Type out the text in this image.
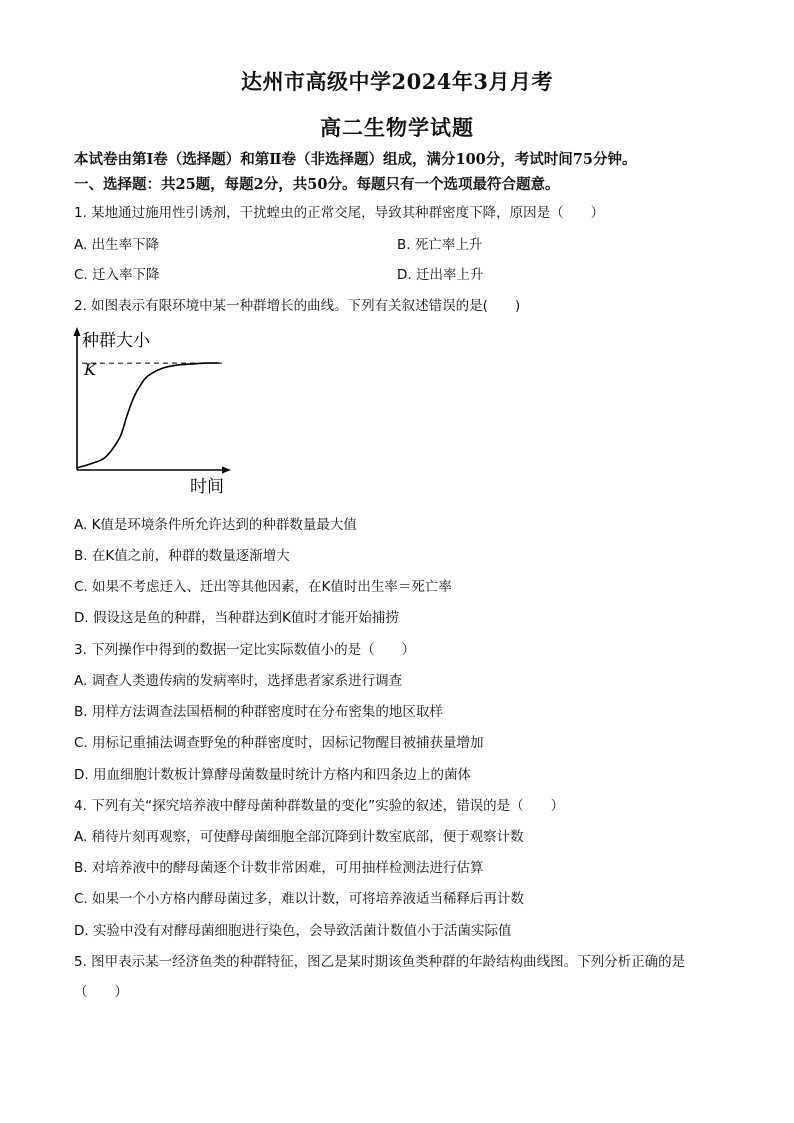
达州市高级中学2024年3月月考
高二生物学试题
本试卷由第Ⅰ卷（选择题）和第Ⅱ卷（非选择题）组成，满分100分，考试时间75分钟。
一、选择题：共25题，每题2分，共50分。每题只有一个选项最符合题意。
1. 某地通过施用性引诱剂，干扰蝗虫的正常交尾，导致其种群密度下降，原因是（　　）
A. 出生率下降	B. 死亡率上升
C. 迁入率下降	D. 迁出率上升
2. 如图表示有限环境中某一种群增长的曲线。下列有关叙述错误的是(　　)
种群大小
K
时间
A. K值是环境条件所允许达到的种群数量最大值
B. 在K值之前，种群的数量逐渐增大
C. 如果不考虑迁入、迁出等其他因素，在K值时出生率＝死亡率
D. 假设这是鱼的种群，当种群达到K值时才能开始捕捞
3. 下列操作中得到的数据一定比实际数值小的是（　　）
A. 调查人类遗传病的发病率时，选择患者家系进行调查
B. 用样方法调查法国梧桐的种群密度时在分布密集的地区取样
C. 用标记重捕法调查野兔的种群密度时，因标记物醒目被捕获量增加
D. 用血细胞计数板计算酵母菌数量时统计方格内和四条边上的菌体
4. 下列有关“探究培养液中酵母菌种群数量的变化”实验的叙述，错误的是（　　）
A. 稍待片刻再观察，可使酵母菌细胞全部沉降到计数室底部，便于观察计数
B. 对培养液中的酵母菌逐个计数非常困难，可用抽样检测法进行估算
C. 如果一个小方格内酵母菌过多，难以计数，可将培养液适当稀释后再计数
D. 实验中没有对酵母菌细胞进行染色，会导致活菌计数值小于活菌实际值
5. 图甲表示某一经济鱼类的种群特征，图乙是某时期该鱼类种群的年龄结构曲线图。下列分析正确的是
（　　）
